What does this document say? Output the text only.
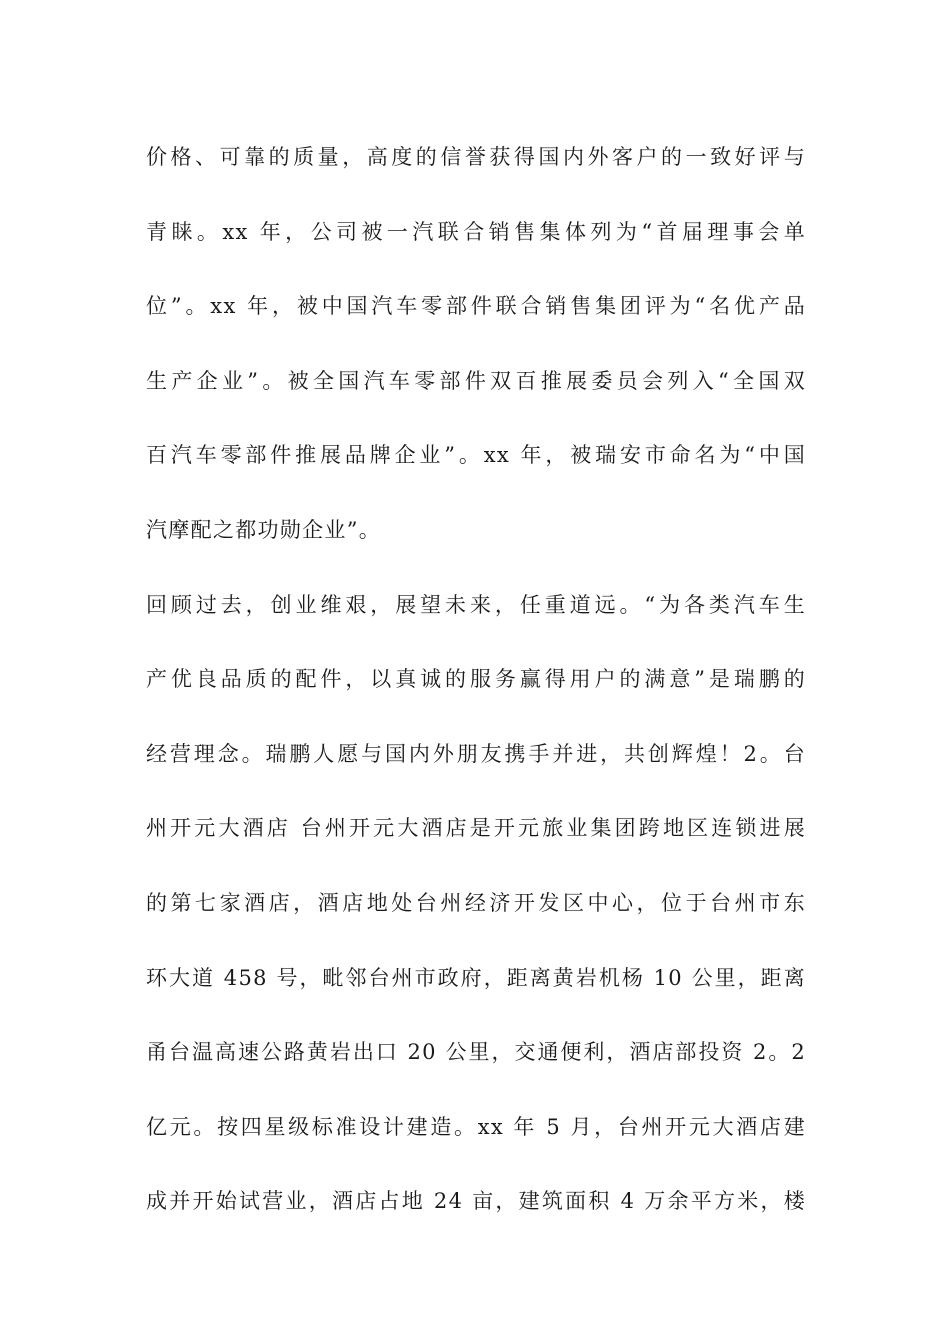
价格、可靠的质量，高度的信誉获得国内外客户的一致好评与
青睐。xx 年，公司被一汽联合销售集体列为“首届理事会单
位”。xx 年，被中国汽车零部件联合销售集团评为“名优产品
生产企业”。被全国汽车零部件双百推展委员会列入“全国双
百汽车零部件推展品牌企业”。xx 年，被瑞安市命名为“中国
汽摩配之都功勋企业”。
回顾过去，创业维艰，展望未来，任重道远。“为各类汽车生
产优良品质的配件，以真诚的服务赢得用户的满意”是瑞鹏的
经营理念。瑞鹏人愿与国内外朋友携手并进，共创辉煌！2。台
州开元大酒店 台州开元大酒店是开元旅业集团跨地区连锁进展
的第七家酒店，酒店地处台州经济开发区中心，位于台州市东
环大道 458 号，毗邻台州市政府，距离黄岩机杨 10 公里，距离
甬台温高速公路黄岩出口 20 公里，交通便利，酒店部投资 2。2
亿元。按四星级标准设计建造。xx 年 5 月，台州开元大酒店建
成并开始试营业，酒店占地 24 亩，建筑面积 4 万余平方米，楼
